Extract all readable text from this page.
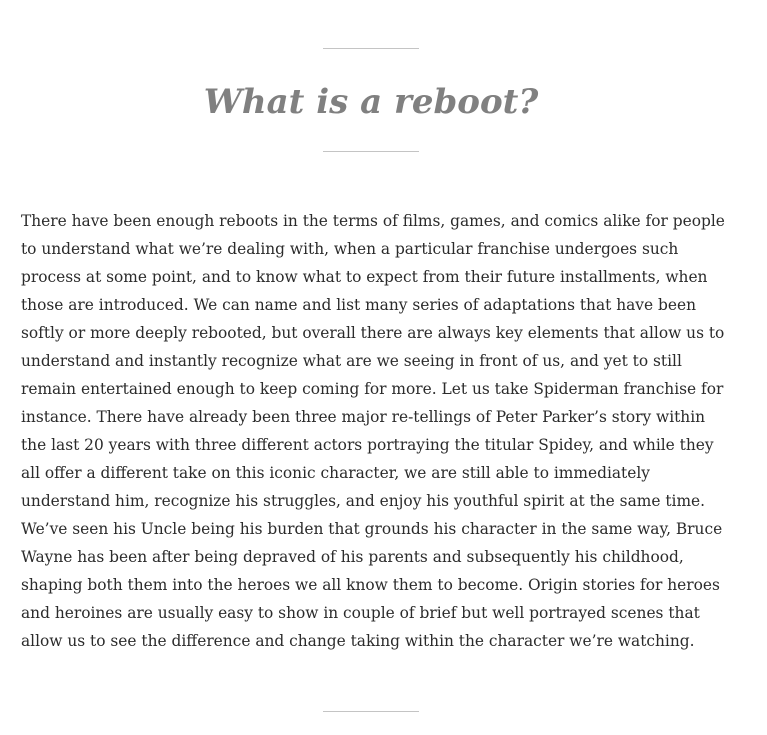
What is a reboot?

There have been enough reboots in the terms of films, games, and comics alike for people to understand what we’re dealing with, when a particular franchise undergoes such process at some point, and to know what to expect from their future installments, when those are introduced. We can name and list many series of adaptations that have been softly or more deeply rebooted, but overall there are always key elements that allow us to understand and instantly recognize what are we seeing in front of us, and yet to still remain entertained enough to keep coming for more. Let us take Spiderman franchise for instance. There have already been three major re-tellings of Peter Parker’s story within the last 20 years with three different actors portraying the titular Spidey, and while they all offer a different take on this iconic character, we are still able to immediately understand him, recognize his struggles, and enjoy his youthful spirit at the same time. We’ve seen his Uncle being his burden that grounds his character in the same way, Bruce Wayne has been after being depraved of his parents and subsequently his childhood, shaping both them into the heroes we all know them to become. Origin stories for heroes and heroines are usually easy to show in couple of brief but well portrayed scenes that allow us to see the difference and change taking within the character we’re watching.
